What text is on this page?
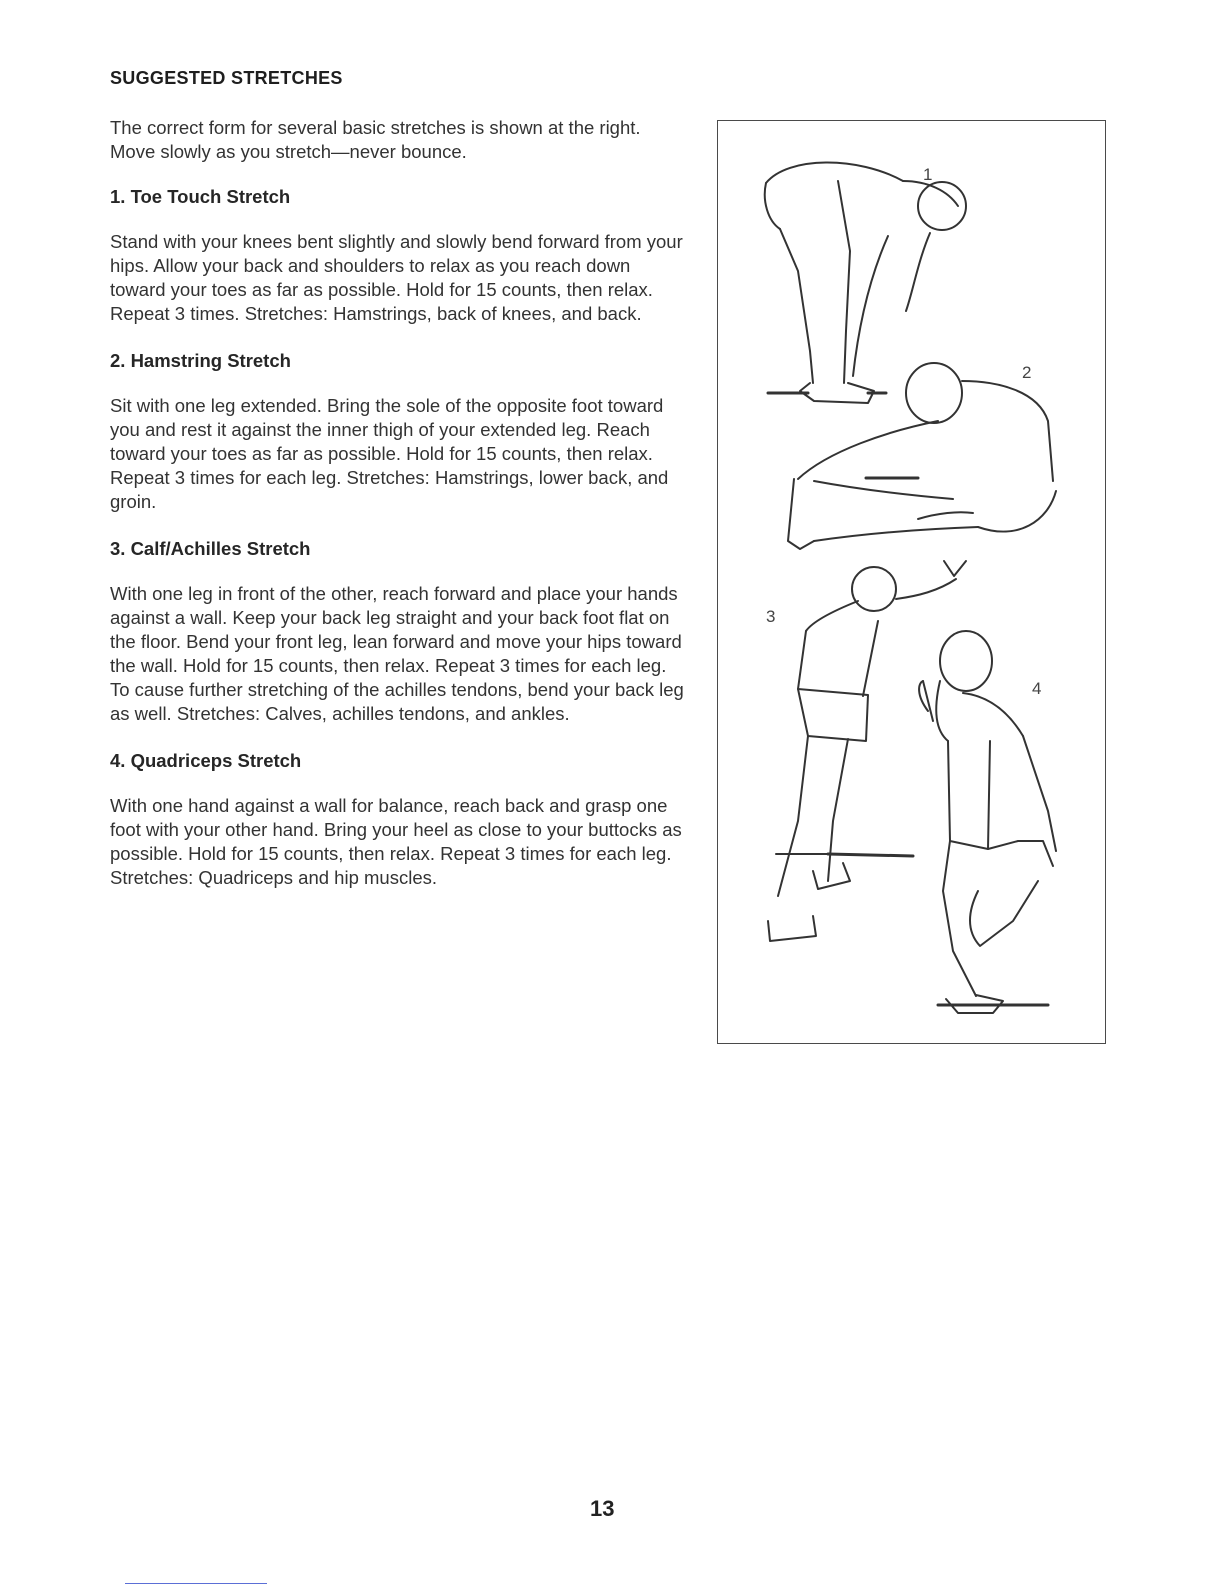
SUGGESTED STRETCHES

The correct form for several basic stretches is shown at the right. Move slowly as you stretch—never bounce.

1. Toe Touch Stretch

Stand with your knees bent slightly and slowly bend forward from your hips. Allow your back and shoulders to relax as you reach down toward your toes as far as possible. Hold for 15 counts, then relax. Repeat 3 times. Stretches: Hamstrings, back of knees, and back.

2. Hamstring Stretch

Sit with one leg extended. Bring the sole of the opposite foot toward you and rest it against the inner thigh of your extended leg. Reach toward your toes as far as possible. Hold for 15 counts, then relax. Repeat 3 times for each leg. Stretches: Hamstrings, lower back, and groin.

3. Calf/Achilles Stretch

With one leg in front of the other, reach forward and place your hands against a wall. Keep your back leg straight and your back foot flat on the floor. Bend your front leg, lean forward and move your hips toward the wall. Hold for 15 counts, then relax. Repeat 3 times for each leg. To cause further stretching of the achilles tendons, bend your back leg as well. Stretches: Calves, achilles tendons, and ankles.

4. Quadriceps Stretch

With one hand against a wall for balance, reach back and grasp one foot with your other hand. Bring your heel as close to your buttocks as possible. Hold for 15 counts, then relax. Repeat 3 times for each leg. Stretches: Quadriceps and hip muscles.

1
2
3
4
13
